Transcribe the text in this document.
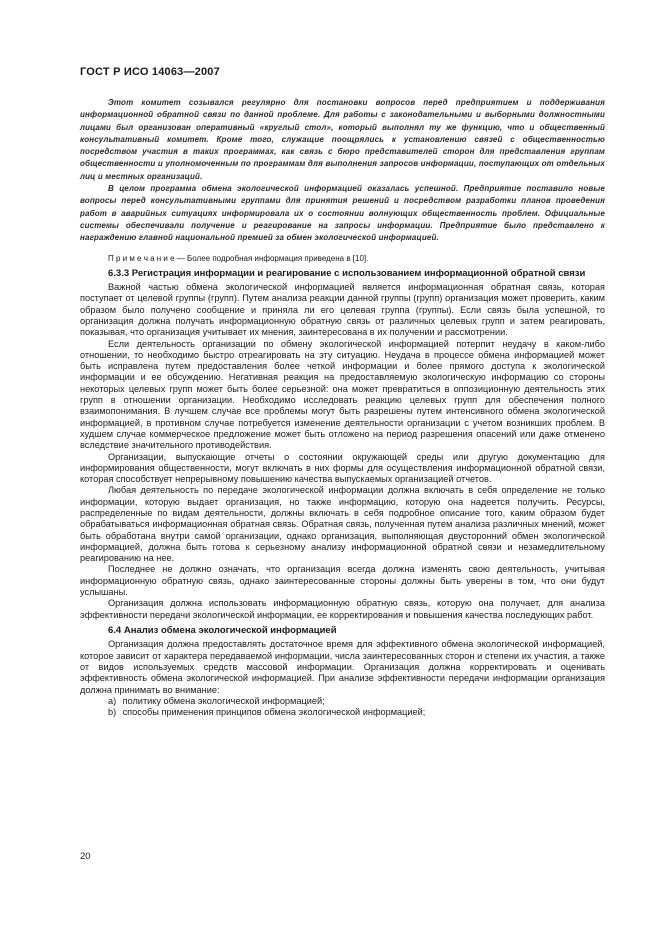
ГОСТ Р ИСО 14063—2007

Этот комитет созывался регулярно для постановки вопросов перед предприятием и поддерживания информационной обратной связи по данной проблеме. Для работы с законодательными и выборными должностными лицами был организован оперативный «круглый стол», который выполнял ту же функцию, что и общественный консультативный комитет. Кроме того, служащие поощрялись к установлению связей с общественностью посредством участия в таких программах, как связь с бюро представителей сторон для представления группам общественности и уполномоченным по программам для выполнения запросов информации, поступающих от отдельных лиц и местных организаций.

В целом программа обмена экологической информацией оказалась успешной. Предприятие поставило новые вопросы перед консультативными группами для принятия решений и посредством разработки планов проведения работ в аварийных ситуациях информировала их о состоянии волнующих общественность проблем. Официальные системы обеспечивали получение и реагирование на запросы информации. Предприятие было представлено к награждению главной национальной премией за обмен экологической информацией.

П р и м е ч а н и е — Более подробная информация приведена в [10].

6.3.3 Регистрация информации и реагирование с использованием информационной обратной связи

Важной частью обмена экологической информацией является информационная обратная связь, которая поступает от целевой группы (групп). Путем анализа реакции данной группы (групп) организация может проверить, каким образом было получено сообщение и приняла ли его целевая группа (группы). Если связь была успешной, то организация должна получать информационную обратную связь от различных целевых групп и затем реагировать, показывая, что организация учитывает их мнения, заинтересована в их получении и рассмотрении.

Если деятельность организации по обмену экологической информацией потерпит неудачу в каком-либо отношении, то необходимо быстро отреагировать на эту ситуацию. Неудача в процессе обмена информацией может быть исправлена путем предоставления более четкой информации и более прямого доступа к экологической информации и ее обсуждению. Негативная реакция на предоставляемую экологическую информацию со стороны некоторых целевых групп может быть более серьезной: она может превратиться в оппозиционную деятельность этих групп в отношении организации. Необходимо исследовать реакцию целевых групп для обеспечения полного взаимопонимания. В лучшем случае все проблемы могут быть разрешены путем интенсивного обмена экологической информацией, в противном случае потребуется изменение деятельности организации с учетом возникших проблем. В худшем случае коммерческое предложение может быть отложено на период разрешения опасений или даже отменено вследствие значительного противодействия.

Организации, выпускающие отчеты о состоянии окружающей среды или другую документацию для информирования общественности, могут включать в них формы для осуществления информационной обратной связи, которая способствует непрерывному повышению качества выпускаемых организацией отчетов.

Любая деятельность по передаче экологической информации должна включать в себя определение не только информации, которую выдает организация, но также информацию, которую она надеется получить. Ресурсы, распределенные по видам деятельности, должны включать в себя подробное описание того, каким образом будет обрабатываться информационная обратная связь. Обратная связь, полученная путем анализа различных мнений, может быть обработана внутри самой организации, однако организация, выполняющая двусторонний обмен экологической информацией, должна быть готова к серьезному анализу информационной обратной связи и незамедлительному реагированию на нее.

Последнее не должно означать, что организация всегда должна изменять свою деятельность, учитывая информационную обратную связь, однако заинтересованные стороны должны быть уверены в том, что они будут услышаны.

Организация должна использовать информационную обратную связь, которую она получает, для анализа эффективности передачи экологической информации, ее корректирования и повышения качества последующих работ.

6.4 Анализ обмена экологической информацией

Организация должна предоставлять достаточное время для эффективного обмена экологической информацией, которое зависит от характера передаваемой информации, числа заинтересованных сторон и степени их участия, а также от видов используемых средств массовой информации. Организация должна корректировать и оценивать эффективность обмена экологической информацией. При анализе эффективности передачи информации организация должна принимать во внимание:

а) политику обмена экологической информацией;

b) способы применения принципов обмена экологической информацией;

20
